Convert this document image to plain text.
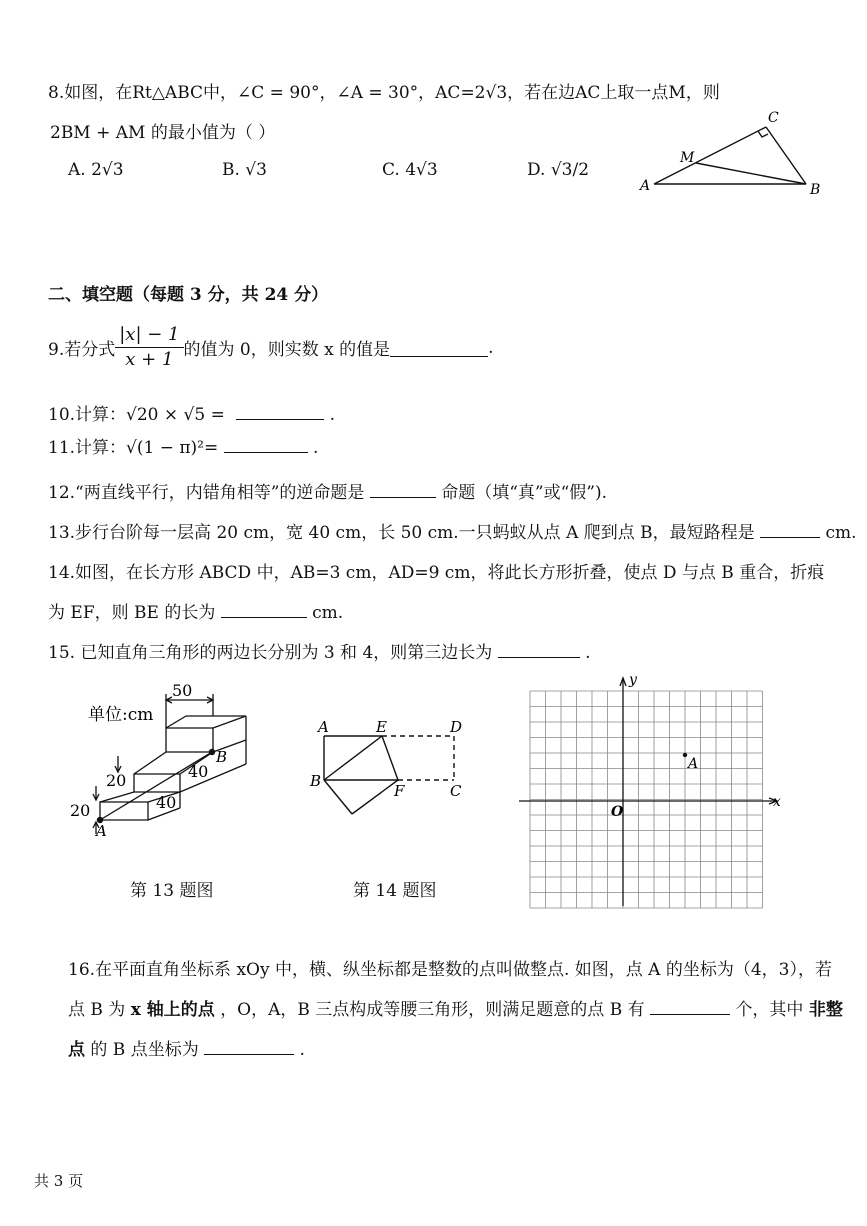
8.如图，在Rt△ABC中，∠C = 90°，∠A = 30°，AC=2√3，若在边AC上取一点M，则
2BM + AM 的最小值为（ ）
A. 2√3	B. √3	C. 4√3	D. √3/2
A	B
C
M
二、填空题（每题 3 分，共 24 分）
9.若分式 $\frac{|x| - 1}{x + 1}$ 的值为 0，则实数 x 的值是	.
10.计算：√20 × √5 =	.
11.计算：√(1 − π)²=	.
12.“两直线平行，内错角相等”的逆命题是	命题（填“真”或“假”).
13.步行台阶每一层高 20 cm，宽 40 cm，长 50 cm.一只蚂蚁从点 A 爬到点 B，最短路程是	cm.
14.如图，在长方形 ABCD 中，AB=3 cm，AD=9 cm，将此长方形折叠，使点 D 与点 B 重合，折痕
为 EF，则 BE 的长为	cm.
15. 已知直角三角形的两边长分别为 3 和 4，则第三边长为	.
单位:cm
50
20
20
40
40
B
A
第 13 题图
A	E	D
B
F	C
第 14 题图
y
x
O
A
16.在平面直角坐标系 xOy 中，横、纵坐标都是整数的点叫做整点. 如图，点 A 的坐标为（4，3），若
点 B 为 x 轴上的点 ，O，A，B 三点构成等腰三角形，则满足题意的点 B 有	个，其中 非整
点 的 B 点坐标为	.
共 3 页
